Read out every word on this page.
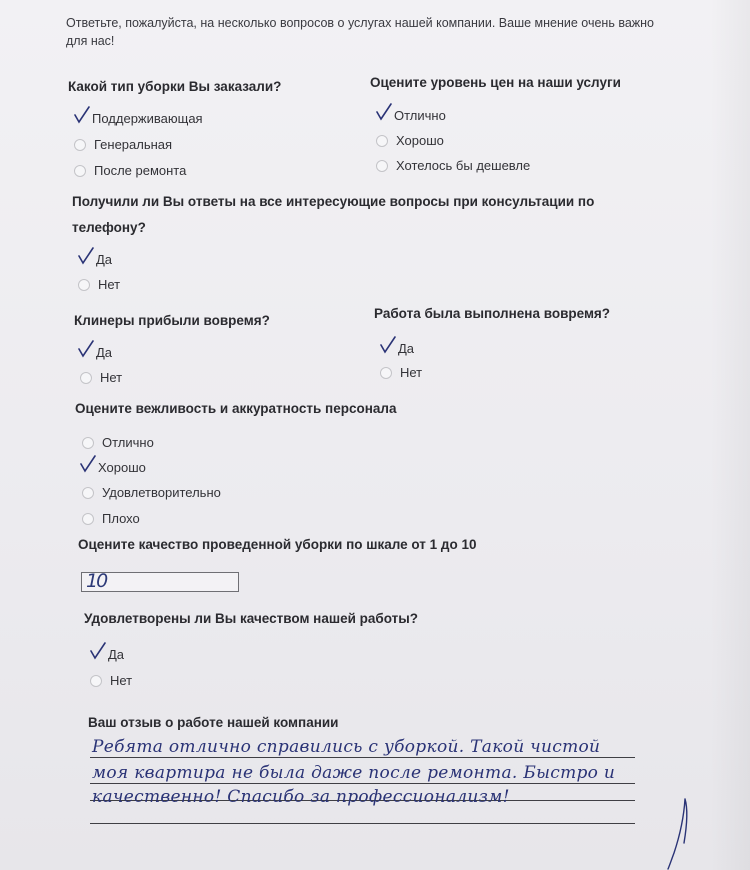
Ответьте, пожалуйста, на несколько вопросов о услугах нашей компании. Ваше мнение очень важно для нас!
Какой тип уборки Вы заказали?
Поддерживающая
Генеральная
После ремонта
Оцените уровень цен на наши услуги
Отлично
Хорошо
Хотелось бы дешевле
Получили ли Вы ответы на все интересующие вопросы при консультации по
телефону?
Да
Нет
Клинеры прибыли вовремя?
Да
Нет
Работа была выполнена вовремя?
Да
Нет
Оцените вежливость и аккуратность персонала
Отлично
Хорошо
Удовлетворительно
Плохо
Оцените качество проведенной уборки по шкале от 1 до 10
10
Удовлетворены ли Вы качеством нашей работы?
Да
Нет
Ваш отзыв о работе нашей компании
Ребята отлично справились с уборкой. Такой чистой
моя квартира не была даже после ремонта. Быстро и
качественно! Спасибо за профессионализм!
